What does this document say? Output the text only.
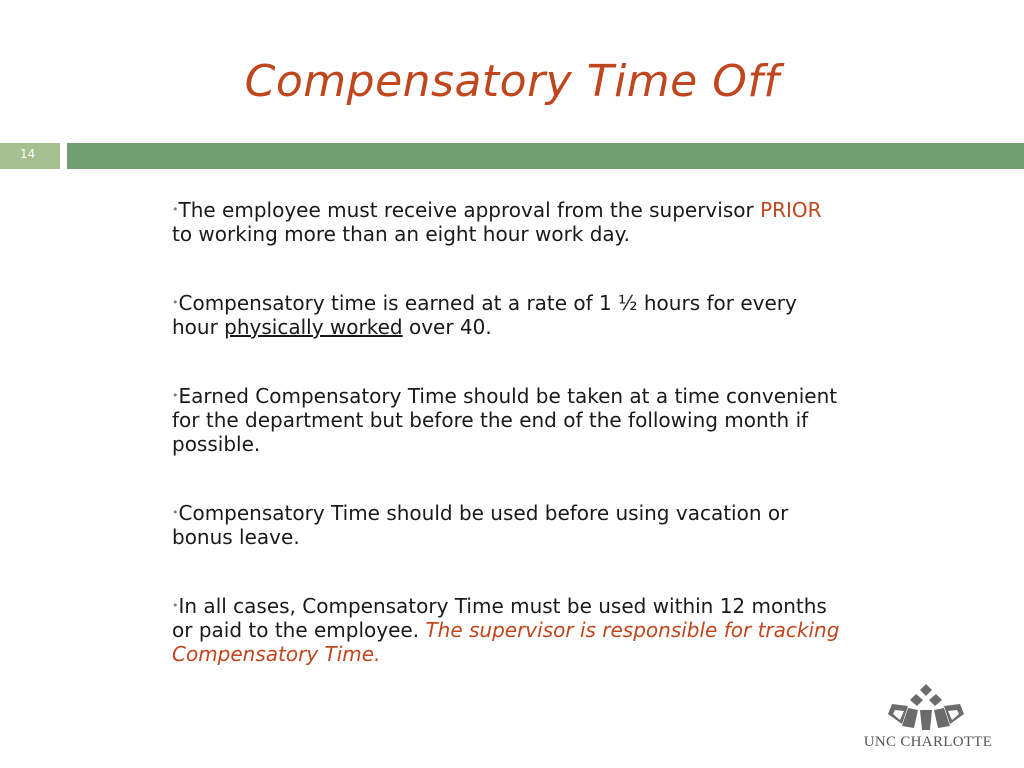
Compensatory Time Off
14

•The employee must receive approval from the supervisor PRIOR to working more than an eight hour work day.

•Compensatory time is earned at a rate of 1 ½ hours for every hour physically worked over 40.

•Earned Compensatory Time should be taken at a time convenient for the department but before the end of the following month if possible.

•Compensatory Time should be used before using vacation or bonus leave.

•In all cases, Compensatory Time must be used within 12 months or paid to the employee. The supervisor is responsible for tracking Compensatory Time.

UNC CHARLOTTE
